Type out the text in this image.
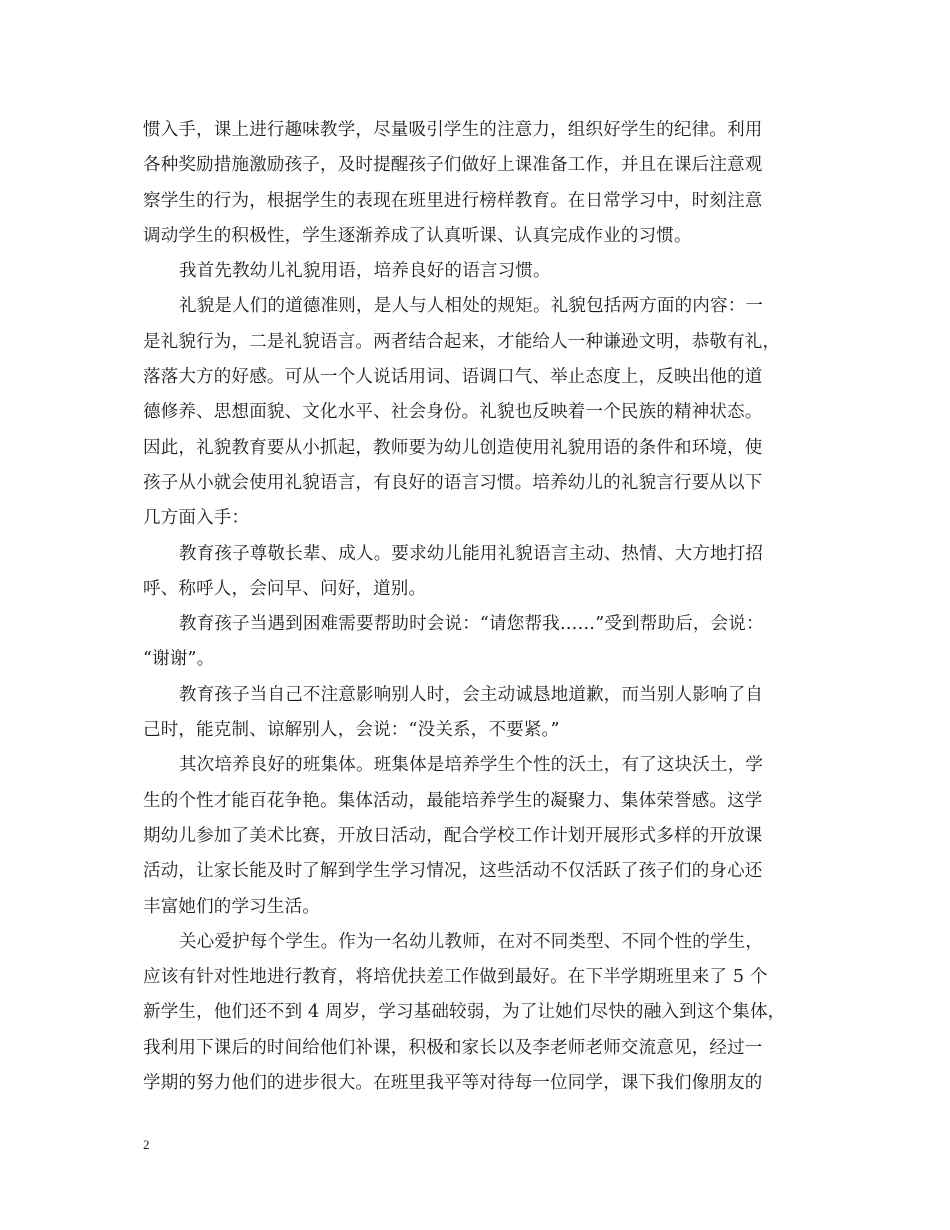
惯入手，课上进行趣味教学，尽量吸引学生的注意力，组织好学生的纪律。利用
各种奖励措施激励孩子，及时提醒孩子们做好上课准备工作，并且在课后注意观
察学生的行为，根据学生的表现在班里进行榜样教育。在日常学习中，时刻注意
调动学生的积极性，学生逐渐养成了认真听课、认真完成作业的习惯。
我首先教幼儿礼貌用语，培养良好的语言习惯。
礼貌是人们的道德准则，是人与人相处的规矩。礼貌包括两方面的内容：一
是礼貌行为，二是礼貌语言。两者结合起来，才能给人一种谦逊文明，恭敬有礼，
落落大方的好感。可从一个人说话用词、语调口气、举止态度上，反映出他的道
德修养、思想面貌、文化水平、社会身份。礼貌也反映着一个民族的精神状态。
因此，礼貌教育要从小抓起，教师要为幼儿创造使用礼貌用语的条件和环境，使
孩子从小就会使用礼貌语言，有良好的语言习惯。培养幼儿的礼貌言行要从以下
几方面入手：
教育孩子尊敬长辈、成人。要求幼儿能用礼貌语言主动、热情、大方地打招
呼、称呼人，会问早、问好，道别。
教育孩子当遇到困难需要帮助时会说：“请您帮我……”受到帮助后，会说：
“谢谢”。
教育孩子当自己不注意影响别人时，会主动诚恳地道歉，而当别人影响了自
己时，能克制、谅解别人，会说：“没关系，不要紧。”
其次培养良好的班集体。班集体是培养学生个性的沃土，有了这块沃土，学
生的个性才能百花争艳。集体活动，最能培养学生的凝聚力、集体荣誉感。这学
期幼儿参加了美术比赛，开放日活动，配合学校工作计划开展形式多样的开放课
活动，让家长能及时了解到学生学习情况，这些活动不仅活跃了孩子们的身心还
丰富她们的学习生活。
关心爱护每个学生。作为一名幼儿教师，在对不同类型、不同个性的学生，
应该有针对性地进行教育，将培优扶差工作做到最好。在下半学期班里来了 5 个
新学生，他们还不到 4 周岁，学习基础较弱，为了让她们尽快的融入到这个集体，
我利用下课后的时间给他们补课，积极和家长以及李老师老师交流意见，经过一
学期的努力他们的进步很大。在班里我平等对待每一位同学，课下我们像朋友的
2
